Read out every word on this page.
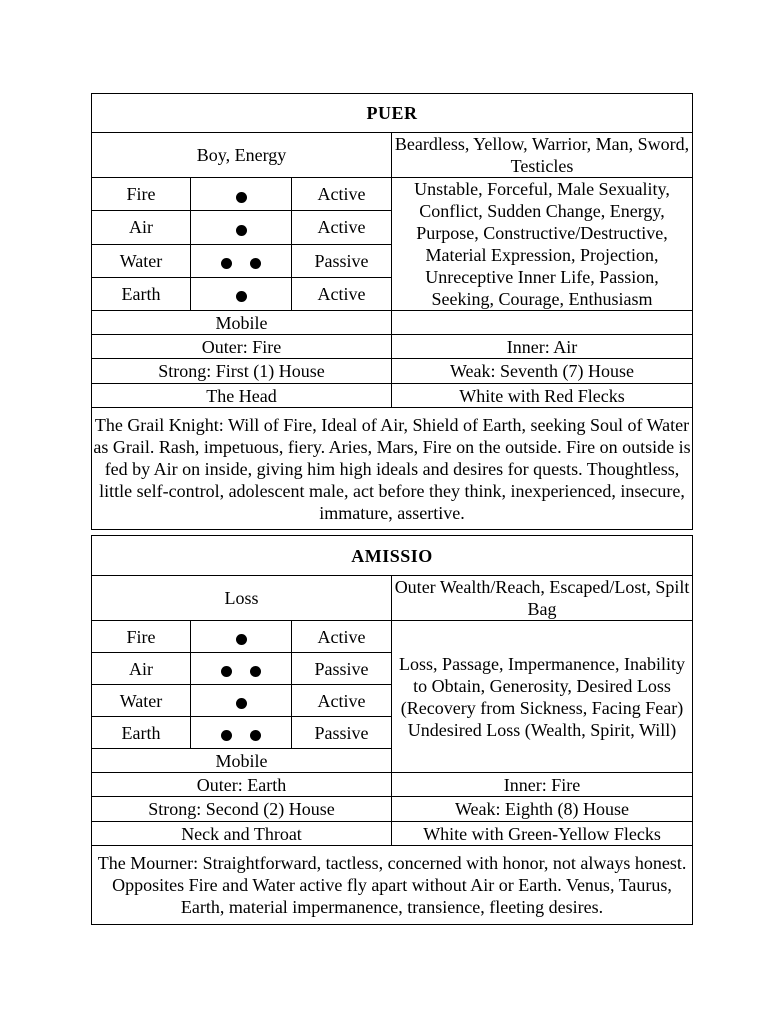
PUER			
Boy, Energy			Beardless, Yellow, Warrior, Man, Sword, Testicles
Fire		Active	Unstable, Forceful, Male Sexuality, Conflict, Sudden Change, Energy, Purpose, Constructive/Destructive, Material Expression, Projection, Unreceptive Inner Life, Passion, Seeking, Courage, Enthusiasm
Air		Active	
Water		Passive	
Earth		Active	
Mobile			
Outer: Fire			Inner: Air
Strong: First (1) House			Weak: Seventh (7) House
The Head			White with Red Flecks
The Grail Knight: Will of Fire, Ideal of Air, Shield of Earth, seeking Soul of Water as Grail. Rash, impetuous, fiery. Aries, Mars, Fire on the outside. Fire on outside is fed by Air on inside, giving him high ideals and desires for quests. Thoughtless, little self-control, adolescent male, act before they think, inexperienced, insecure, immature, assertive.			
AMISSIO			
Loss			Outer Wealth/Reach, Escaped/Lost, Spilt Bag
Fire		Active	Loss, Passage, Impermanence, Inability to Obtain, Generosity, Desired Loss (Recovery from Sickness, Facing Fear) Undesired Loss (Wealth, Spirit, Will)
Air		Passive	
Water		Active	
Earth		Passive	
Mobile			
Outer: Earth			Inner: Fire
Strong: Second (2) House			Weak: Eighth (8) House
Neck and Throat			White with Green-Yellow Flecks
The Mourner: Straightforward, tactless, concerned with honor, not always honest. Opposites Fire and Water active fly apart without Air or Earth. Venus, Taurus, Earth, material impermanence, transience, fleeting desires.			
